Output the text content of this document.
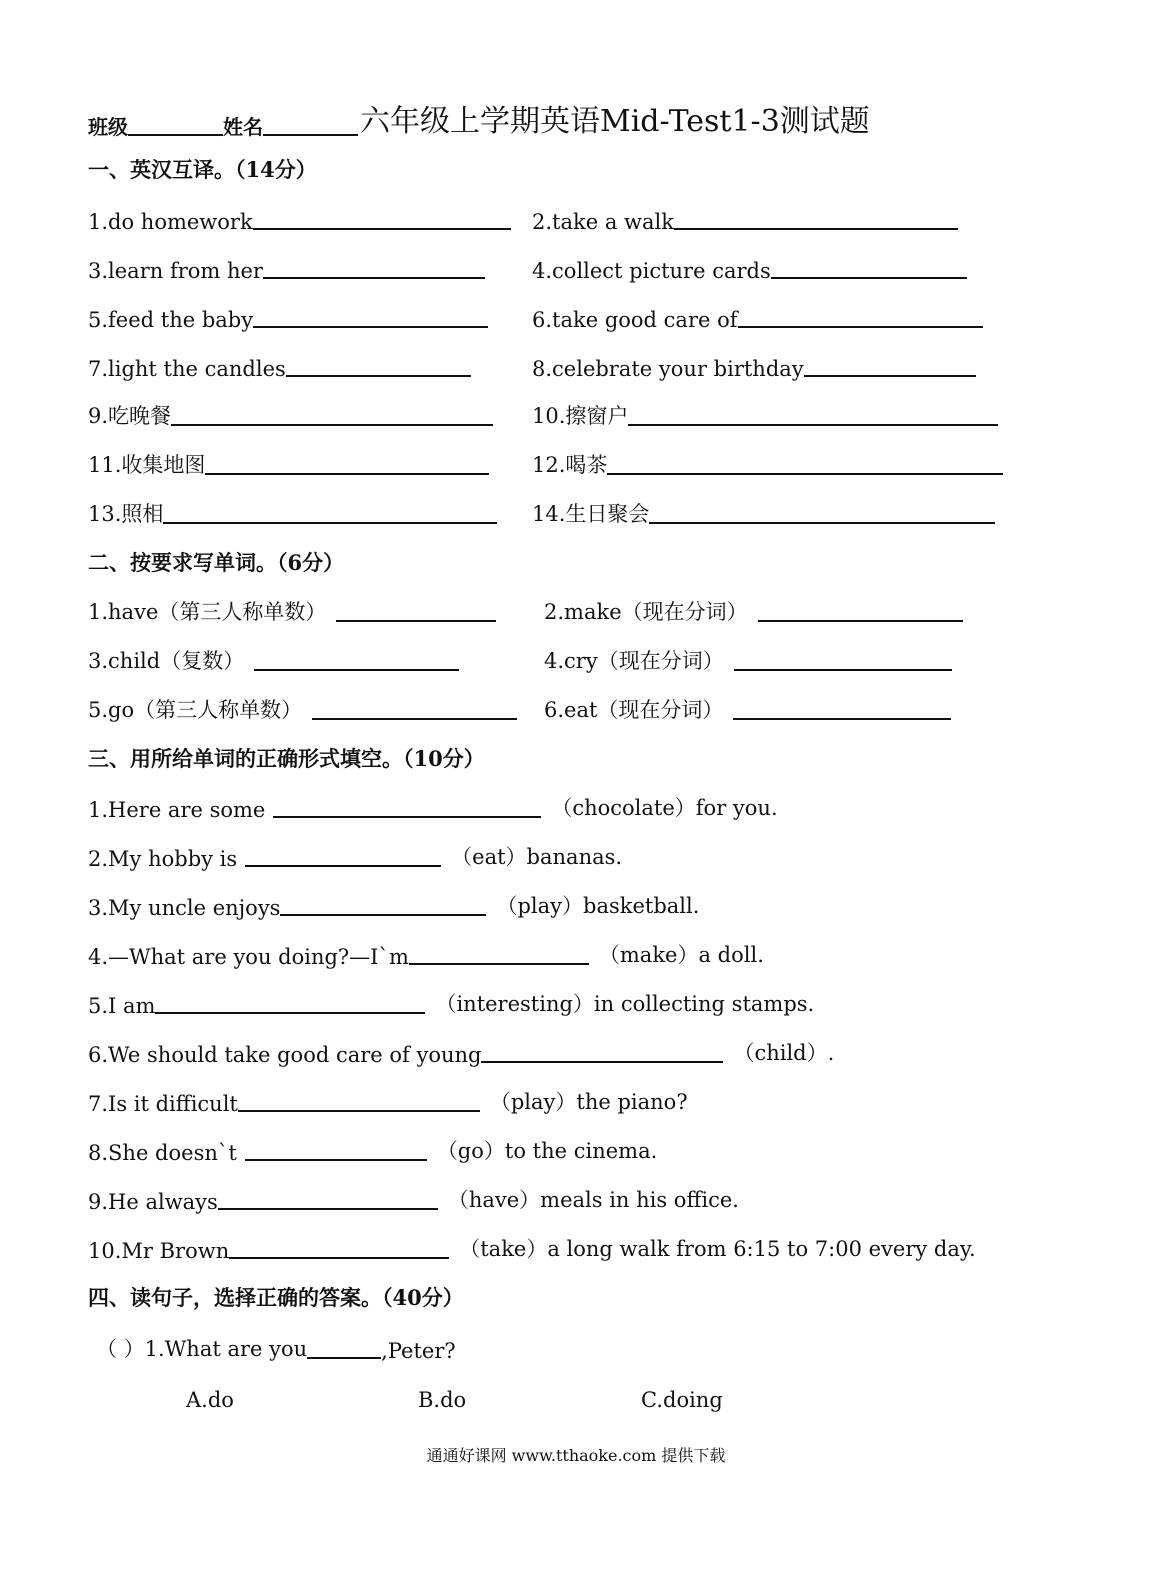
班级	姓名	六年级上学期英语Mid-Test1-3测试题
一、英汉互译。（14分）
1.do homework	2.take a walk
3.learn from her	4.collect picture cards
5.feed the baby	6.take good care of
7.light the candles	8.celebrate your birthday
9.吃晚餐	10.擦窗户
11.收集地图	12.喝茶
13.照相	14.生日聚会
二、按要求写单词。（6分）
1.have（第三人称单数）	2.make（现在分词）
3.child（复数）	4.cry（现在分词）
5.go（第三人称单数）	6.eat（现在分词）
三、用所给单词的正确形式填空。（10分）
1.Here are some	（chocolate）for you.
2.My hobby is	（eat）bananas.
3.My uncle enjoys	（play）basketball.
4.—What are you doing?—I`m	（make）a doll.
5.I am	（interesting）in collecting stamps.
6.We should take good care of young	（child）.
7.Is it difficult	（play）the piano?
8.She doesn`t	（go）to the cinema.
9.He always	（have）meals in his office.
10.Mr Brown	（take）a long walk from 6:15 to 7:00 every day.
四、读句子，选择正确的答案。（40分）
（ ）1.What are you	,Peter?
A.do	B.do	C.doing
通通好课网 www.tthaoke.com 提供下载
